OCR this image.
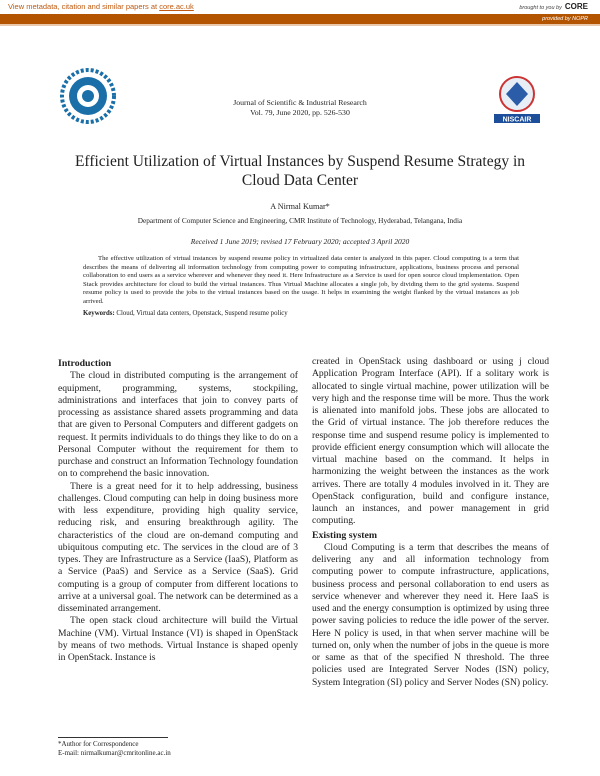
View metadata, citation and similar papers at core.ac.uk	brought to you by CORE
provided by NOPR
NISCAIR
Journal of Scientific & Industrial Research
Vol. 79, June 2020, pp. 526-530
Efficient Utilization of Virtual Instances by Suspend Resume Strategy in Cloud Data Center
A Nirmal Kumar*
Department of Computer Science and Engineering, CMR Institute of Technology, Hyderabad, Telangana, India
Received 1 June 2019; revised 17 February 2020; accepted 3 April 2020
The effective utilization of virtual instances by suspend resume policy in virtualized data center is analyzed in this paper. Cloud computing is a term that describes the means of delivering all information technology from computing power to computing infrastructure, applications, business process and personal collaboration to end users as a service wherever and whenever they need it. Here Infrastructure as a Service is used for open source cloud implementation. Open Stack provides architecture for cloud to build the virtual instances. Thus Virtual Machine allocates a single job, by dividing them to the grid systems. Suspend resume policy is used to provide the jobs to the virtual instances based on the usage. It helps in examining the weight flanked by the virtual instances as job arrived.
Keywords: Cloud, Virtual data centers, Openstack, Suspend resume policy
Introduction

The cloud in distributed computing is the arrangement of equipment, programming, systems, stockpiling, administrations and interfaces that join to convey parts of processing as assistance shared assets programming and data that are given to Personal Computers and different gadgets on request. It permits individuals to do things they like to do on a Personal Computer without the requirement for them to purchase and construct an Information Technology foundation on to comprehend the basic innovation.

There is a great need for it to help addressing, business challenges. Cloud computing can help in doing business more with less expenditure, providing high quality service, reducing risk, and ensuring breakthrough agility. The characteristics of the cloud are on-demand computing and ubiquitous computing etc. The services in the cloud are of 3 types. They are Infrastructure as a Service (IaaS), Platform as a Service (PaaS) and Service as a Service (SaaS). Grid computing is a group of computer from different locations to arrive at a universal goal. The network can be determined as a disseminated arrangement.

The open stack cloud architecture will build the Virtual Machine (VM). Virtual Instance (VI) is shaped in OpenStack by means of two methods. Virtual Instance is shaped openly in OpenStack. Instance is

created in OpenStack using dashboard or using j cloud Application Program Interface (API). If a solitary work is allocated to single virtual machine, power utilization will be very high and the response time will be more. Thus the work is alienated into manifold jobs. These jobs are allocated to the Grid of virtual instance. The job therefore reduces the response time and suspend resume policy is implemented to provide efficient energy consumption which will allocate the virtual machine based on the command. It helps in harmonizing the weight between the instances as the work arrives. There are totally 4 modules involved in it. They are OpenStack configuration, build and configure instance, launch an instances, and power management in grid computing.

Existing system

Cloud Computing is a term that describes the means of delivering any and all information technology from computing power to compute infrastructure, applications, business process and personal collaboration to end users as service whenever and wherever they need it. Here IaaS is used and the energy consumption is optimized by using three power saving policies to reduce the idle power of the server. Here N policy is used, in that when server machine will be turned on, only when the number of jobs in the queue is more or same as that of the specified N threshold. The three policies used are Integrated Server Nodes (ISN) policy, System Integration (SI) policy and Server Nodes (SN) policy.

*Author for Correspondence
E-mail: nirmalkumar@cmritonline.ac.in
